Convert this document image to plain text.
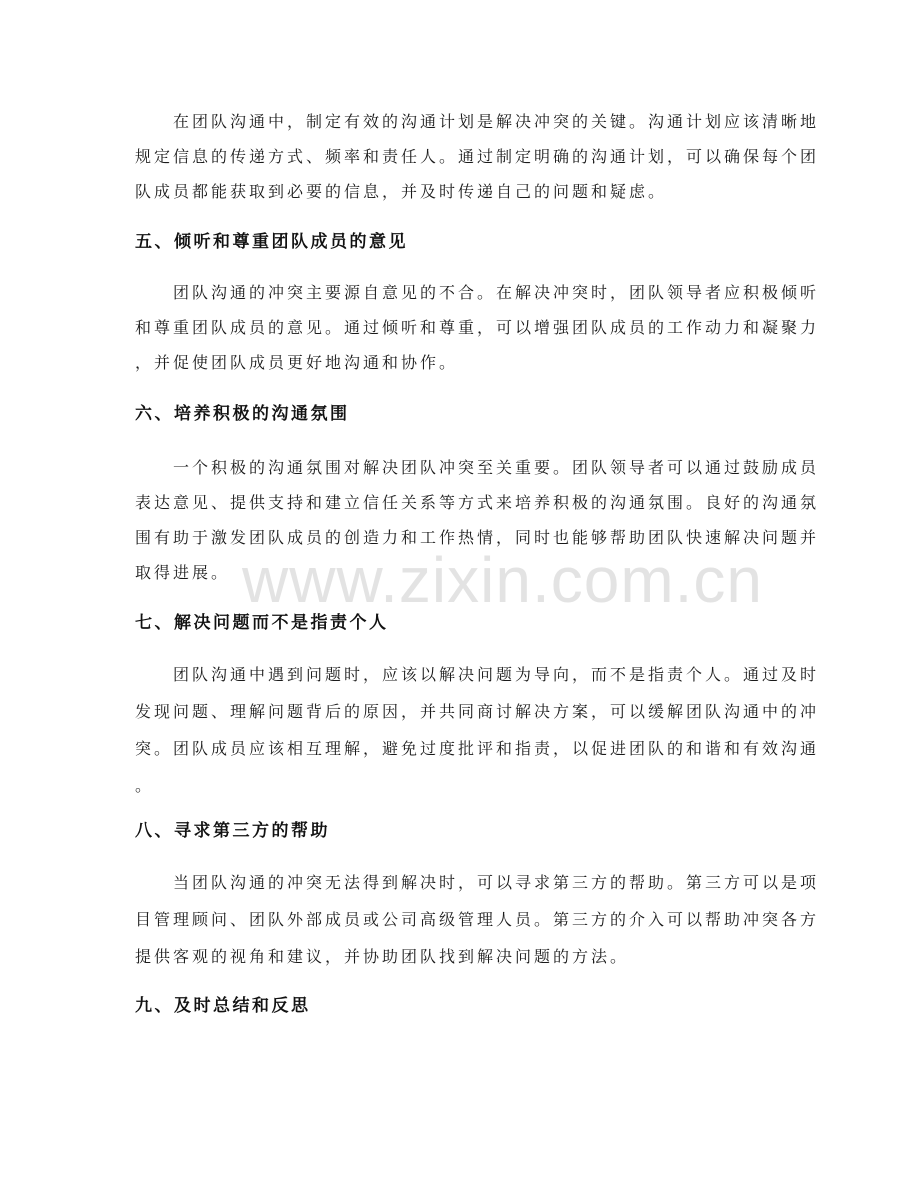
www.zixin.com.cn
在团队沟通中，制定有效的沟通计划是解决冲突的关键。沟通计划应该清晰地
规定信息的传递方式、频率和责任人。通过制定明确的沟通计划，可以确保每个团
队成员都能获取到必要的信息，并及时传递自己的问题和疑虑。
五、倾听和尊重团队成员的意见
团队沟通的冲突主要源自意见的不合。在解决冲突时，团队领导者应积极倾听
和尊重团队成员的意见。通过倾听和尊重，可以增强团队成员的工作动力和凝聚力
，并促使团队成员更好地沟通和协作。
六、培养积极的沟通氛围
一个积极的沟通氛围对解决团队冲突至关重要。团队领导者可以通过鼓励成员
表达意见、提供支持和建立信任关系等方式来培养积极的沟通氛围。良好的沟通氛
围有助于激发团队成员的创造力和工作热情，同时也能够帮助团队快速解决问题并
取得进展。
七、解决问题而不是指责个人
团队沟通中遇到问题时，应该以解决问题为导向，而不是指责个人。通过及时
发现问题、理解问题背后的原因，并共同商讨解决方案，可以缓解团队沟通中的冲
突。团队成员应该相互理解，避免过度批评和指责，以促进团队的和谐和有效沟通
。
八、寻求第三方的帮助
当团队沟通的冲突无法得到解决时，可以寻求第三方的帮助。第三方可以是项
目管理顾问、团队外部成员或公司高级管理人员。第三方的介入可以帮助冲突各方
提供客观的视角和建议，并协助团队找到解决问题的方法。
九、及时总结和反思
